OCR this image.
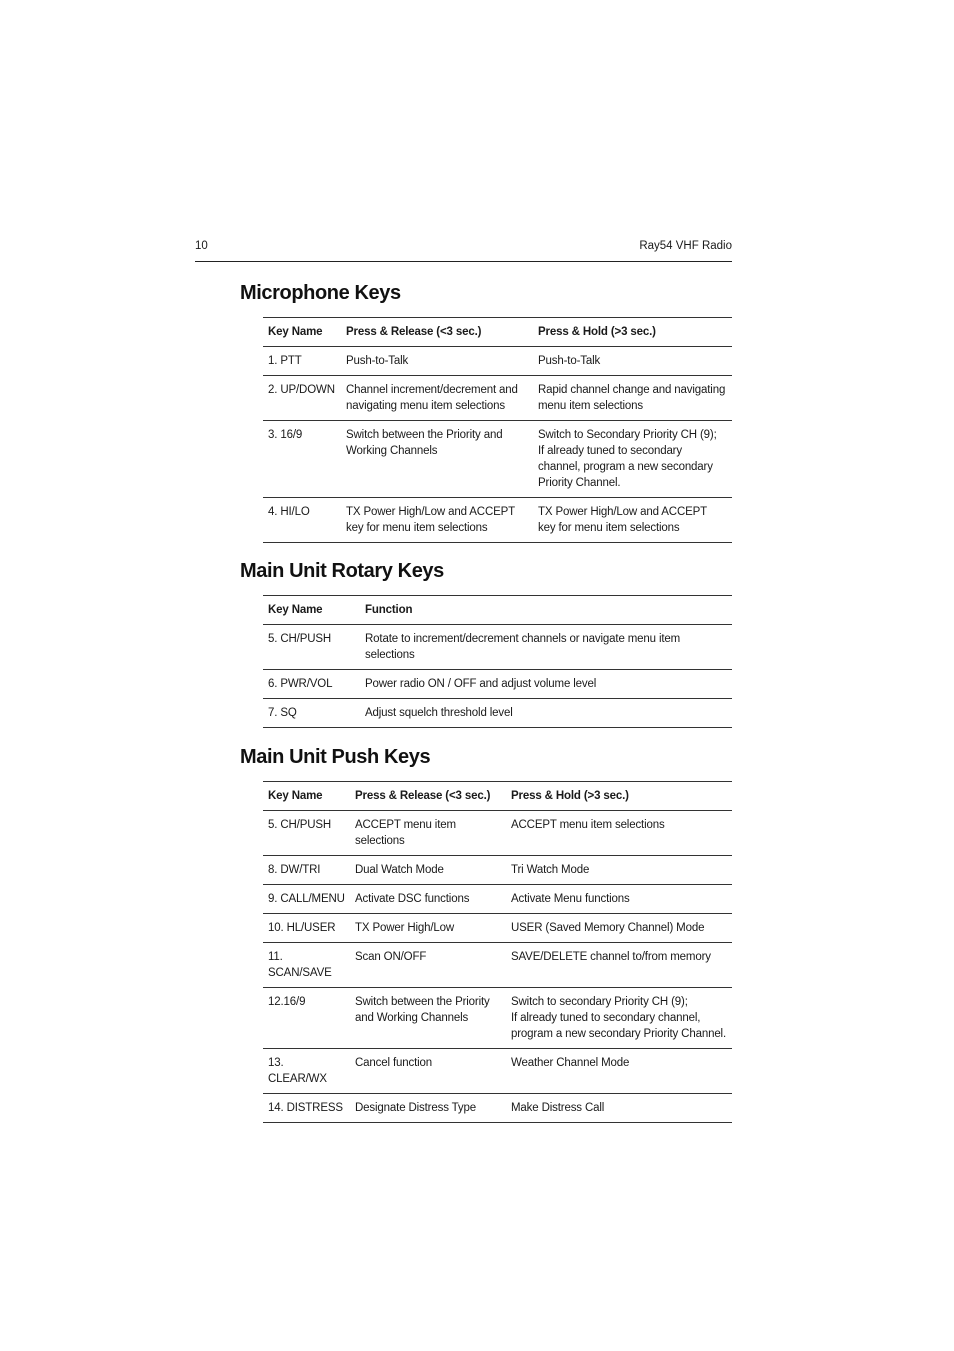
10	Ray54 VHF Radio
Microphone Keys
Key Name	Press & Release (<3 sec.)	Press & Hold (>3 sec.)
1. PTT	Push-to-Talk	Push-to-Talk
2. UP/DOWN	Channel increment/decrement and navigating menu item selections	Rapid channel change and navigating menu item selections
3. 16/9	Switch between the Priority and Working Channels	Switch to Secondary Priority CH (9);
If already tuned to secondary channel, program a new secondary Priority Channel.
4. HI/LO	TX Power High/Low and ACCEPT key for menu item selections	TX Power High/Low and ACCEPT key for menu item selections
Main Unit Rotary Keys
Key Name	Function
5. CH/PUSH	Rotate to increment/decrement channels or navigate menu item selections
6. PWR/VOL	Power radio ON / OFF and adjust volume level
7. SQ	Adjust squelch threshold level
Main Unit Push Keys
Key Name	Press & Release (<3 sec.)	Press & Hold (>3 sec.)
5. CH/PUSH	ACCEPT menu item selections	ACCEPT menu item selections
8. DW/TRI	Dual Watch Mode	Tri Watch Mode
9. CALL/MENU	Activate DSC functions	Activate Menu functions
10. HL/USER	TX Power High/Low	USER (Saved Memory Channel) Mode
11. SCAN/SAVE	Scan ON/OFF	SAVE/DELETE channel to/from memory
12.16/9	Switch between the Priority and Working Channels	Switch to secondary Priority CH (9);
If already tuned to secondary channel,
program a new secondary Priority Channel.
13. CLEAR/WX	Cancel function	Weather Channel Mode
14. DISTRESS	Designate Distress Type	Make Distress Call
